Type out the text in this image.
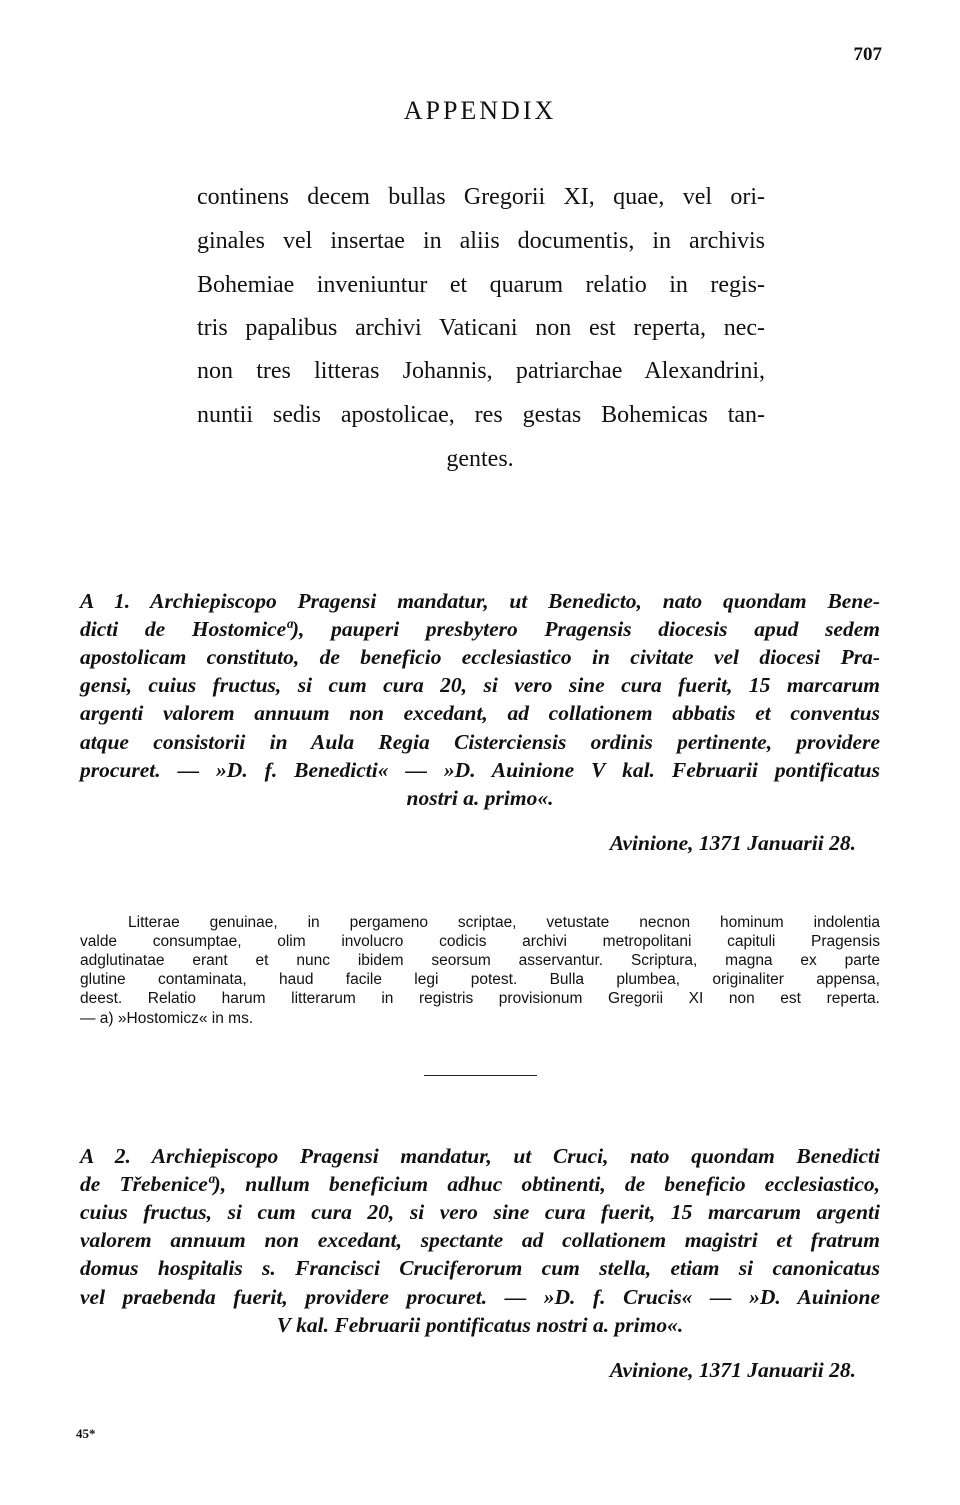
707
APPENDIX
continens decem bullas Gregorii XI, quae, vel ori-
ginales vel insertae in aliis documentis, in archivis
Bohemiae inveniuntur et quarum relatio in regis-
tris papalibus archivi Vaticani non est reperta, nec-
non tres litteras Johannis, patriarchae Alexandrini,
nuntii sedis apostolicae, res gestas Bohemicas tan-
gentes.
A 1. Archiepiscopo Pragensi mandatur, ut Benedicto, nato quondam Bene-
dicti de Hostomiceª), pauperi presbytero Pragensis diocesis apud sedem
apostolicam constituto, de beneficio ecclesiastico in civitate vel diocesi Pra-
gensi, cuius fructus, si cum cura 20, si vero sine cura fuerit, 15 marcarum
argenti valorem annuum non excedant, ad collationem abbatis et conventus
atque consistorii in Aula Regia Cisterciensis ordinis pertinente, providere
procuret. — »D. f. Benedicti« — »D. Auinione V kal. Februarii pontificatus
nostri a. primo«.
Avinione, 1371 Januarii 28.
Litterae genuinae, in pergameno scriptae, vetustate necnon hominum indolentia
valde consumptae, olim involucro codicis archivi metropolitani capituli Pragensis
adglutinatae erant et nunc ibidem seorsum asservantur. Scriptura, magna ex parte
glutine contaminata, haud facile legi potest. Bulla plumbea, originaliter appensa,
deest. Relatio harum litterarum in registris provisionum Gregorii XI non est reperta.
— a) »Hostomicz« in ms.
A 2. Archiepiscopo Pragensi mandatur, ut Cruci, nato quondam Benedicti
de Třebeniceª), nullum beneficium adhuc obtinenti, de beneficio ecclesiastico,
cuius fructus, si cum cura 20, si vero sine cura fuerit, 15 marcarum argenti
valorem annuum non excedant, spectante ad collationem magistri et fratrum
domus hospitalis s. Francisci Cruciferorum cum stella, etiam si canonicatus
vel praebenda fuerit, providere procuret. — »D. f. Crucis« — »D. Auinione
V kal. Februarii pontificatus nostri a. primo«.
Avinione, 1371 Januarii 28.
45*
